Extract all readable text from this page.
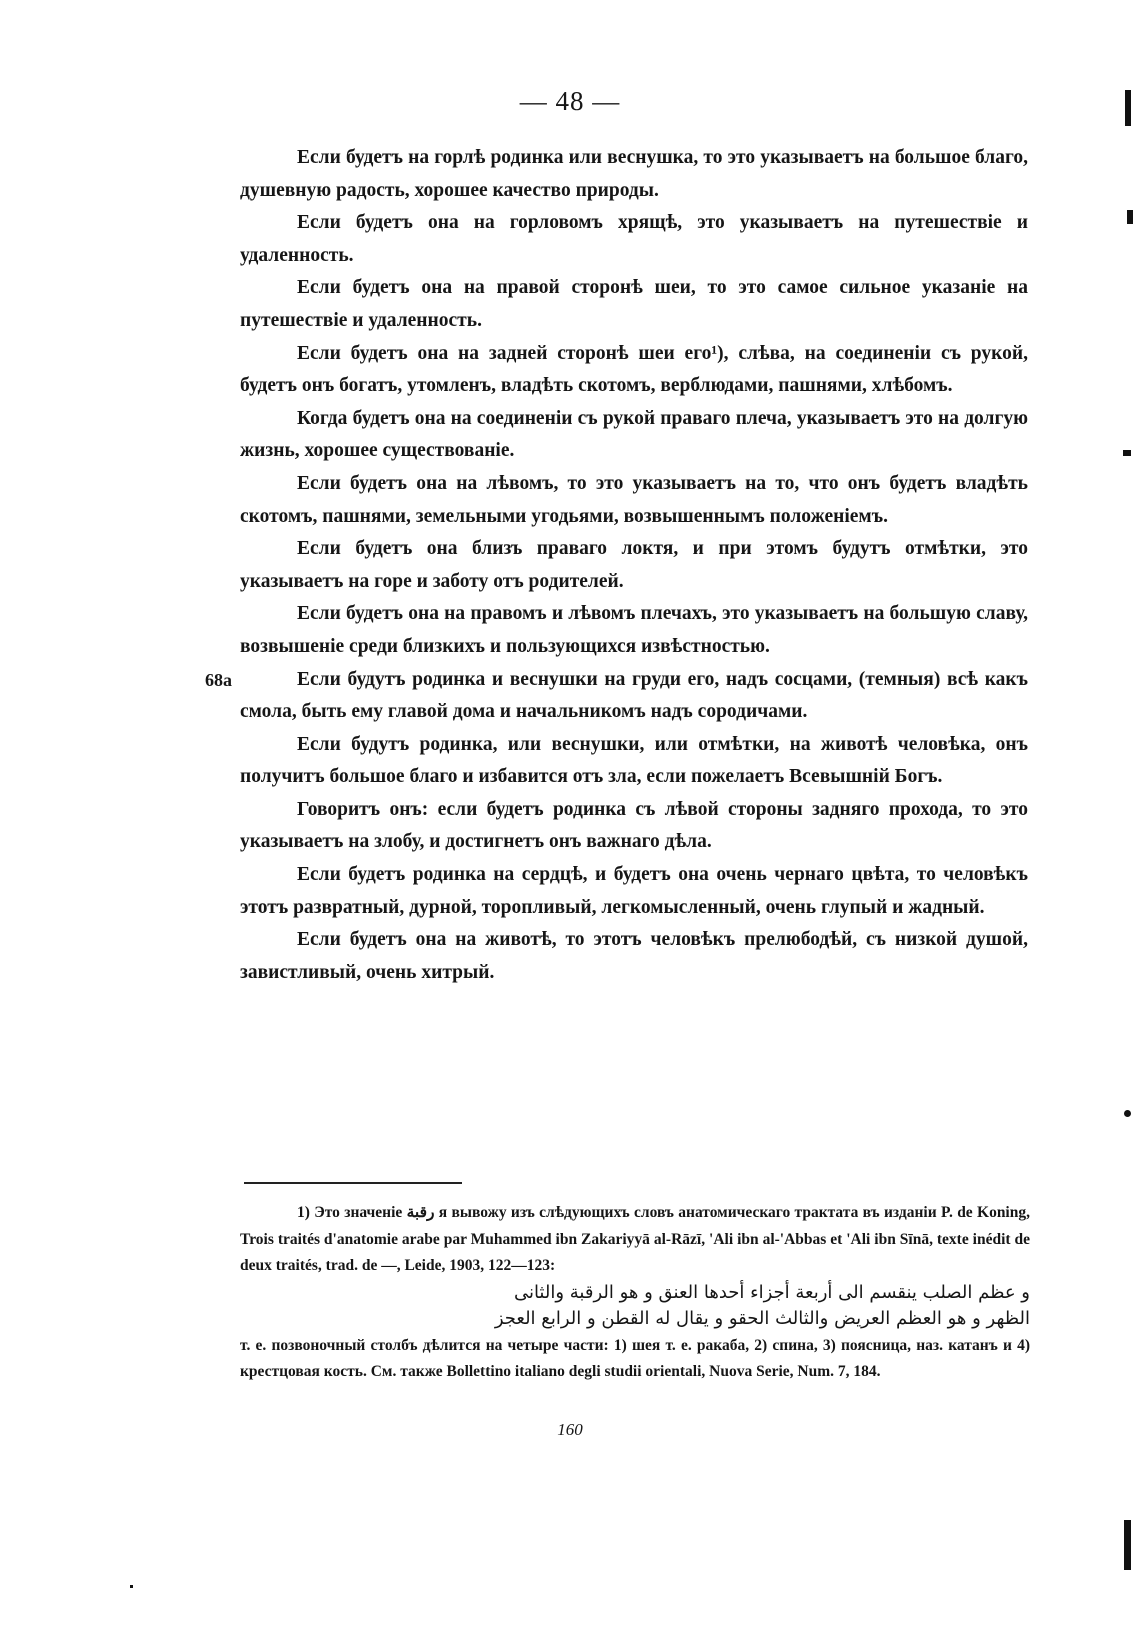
— 48 —
68a

Если будетъ на горлѣ родинка или веснушка, то это указываетъ на большое благо, душевную радость, хорошее качество природы.

Если будетъ она на горловомъ хрящѣ, это указываетъ на путешествіе и удаленность.

Если будетъ она на правой сторонѣ шеи, то это самое сильное указаніе на путешествіе и удаленность.

Если будетъ она на задней сторонѣ шеи его¹), слѣва, на соединеніи съ рукой, будетъ онъ богатъ, утомленъ, владѣть скотомъ, верблюдами, пашнями, хлѣбомъ.

Когда будетъ она на соединеніи съ рукой праваго плеча, указываетъ это на долгую жизнь, хорошее существованіе.

Если будетъ она на лѣвомъ, то это указываетъ на то, что онъ будетъ владѣть скотомъ, пашнями, земельными угодьями, возвышеннымъ положеніемъ.

Если будетъ она близъ праваго локтя, и при этомъ будутъ отмѣтки, это указываетъ на горе и заботу отъ родителей.

Если будетъ она на правомъ и лѣвомъ плечахъ, это указываетъ на большую славу, возвышеніе среди близкихъ и пользующихся извѣстностью.

Если будутъ родинка и веснушки на груди его, надъ сосцами, (темныя) всѣ какъ смола, быть ему главой дома и начальникомъ надъ сородичами.

Если будутъ родинка, или веснушки, или отмѣтки, на животѣ человѣка, онъ получитъ большое благо и избавится отъ зла, если пожелаетъ Всевышній Богъ.

Говоритъ онъ: если будетъ родинка съ лѣвой стороны задняго прохода, то это указываетъ на злобу, и достигнетъ онъ важнаго дѣла.

Если будетъ родинка на сердцѣ, и будетъ она очень чернаго цвѣта, то человѣкъ этотъ развратный, дурной, торопливый, легкомысленный, очень глупый и жадный.

Если будетъ она на животѣ, то этотъ человѣкъ прелюбодѣй, съ низкой душой, завистливый, очень хитрый.

1) Это значеніе رقبة я вывожу изъ слѣдующихъ словъ анатомическаго трактата въ изданіи P. de Koning, Trois traités d'anatomie arabe par Muhammed ibn Zakariyyā al-Rāzī, 'Ali ibn al-'Abbas et 'Ali ibn Sīnā, texte inédit de deux traités, trad. de —, Leide, 1903, 122—123:
و عظم الصلب ينقسم الى أربعة أجزاء أحدها العنق و هو الرقبة والثانى
الظهر و هو العظم العريض والثالث الحقو و يقال له القطن و الرابع العجز
т. е. позвоночный столбъ дѣлится на четыре части: 1) шея т. е. ракаба, 2) спина, 3) поясница, наз. катанъ и 4) крестцовая кость. См. также Bollettino italiano degli studii orientali, Nuova Serie, Num. 7, 184.
160
